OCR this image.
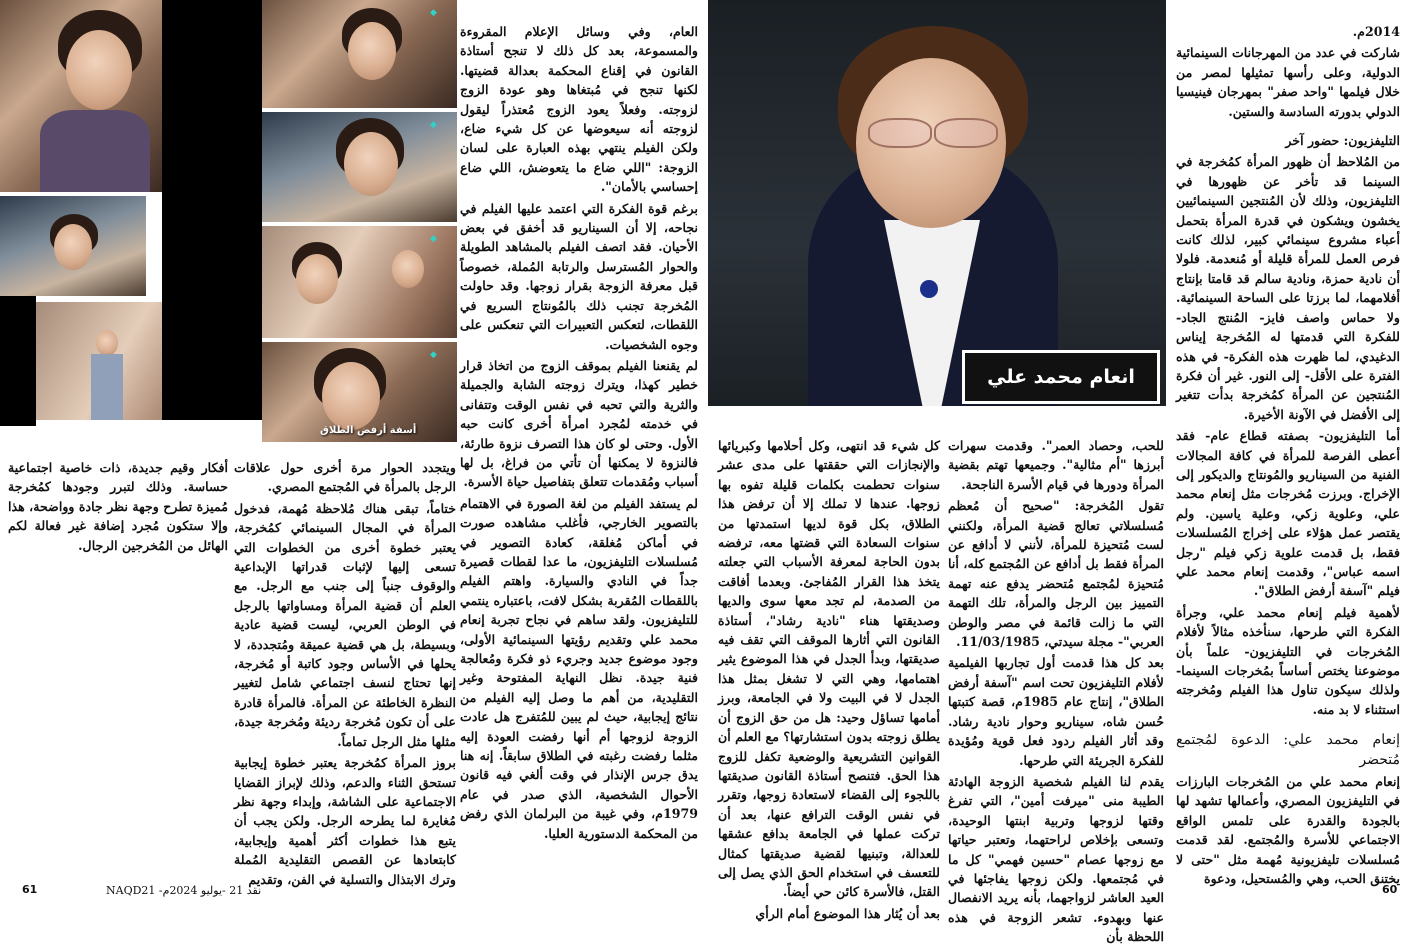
◆
◆
◆
◆
أسفة أرفض الطلاق

العام، وفي وسائل الإعلام المقروءة والمسموعة، بعد كل ذلك لا تنجح أستاذة القانون في إقناع المحكمة بعدالة قضيتها. لكنها تنجح في مُبتغاها وهو عودة الزوج لزوجته. وفعلاً يعود الزوج مُعتذراً ليقول لزوجته أنه سيعوضها عن كل شيء ضاع، ولكن الفيلم ينتهي بهذه العبارة على لسان الزوجة: "اللي ضاع ما يتعوضش، اللي ضاع إحساسي بالأمان".

برغم قوة الفكرة التي اعتمد عليها الفيلم في نجاحه، إلا أن السيناريو قد أخفق في بعض الأحيان. فقد اتصف الفيلم بالمشاهد الطويلة والحوار المُسترسل والرتابة المُملة، خصوصاً قبل معرفة الزوجة بقرار زوجها. وقد حاولت المُخرجة تجنب ذلك بالمُونتاج السريع في اللقطات، لتعكس التعبيرات التي تنعكس على وجوه الشخصيات.

لم يقنعنا الفيلم بموقف الزوج من اتخاذ قرار خطير كهذا، ويترك زوجته الشابة والجميلة والثرية والتي تحبه في نفس الوقت وتتفانى في خدمته لمُجرد امرأة أخرى كانت حبه الأول. وحتى لو كان هذا التصرف نزوة طارئة، فالنزوة لا يمكنها أن تأتي من فراغ، بل لها أسباب ومُقدمات تتعلق بتفاصيل حياة الأسرة.

لم يستفد الفيلم من لغة الصورة في الاهتمام بالتصوير الخارجي، فأغلب مشاهده صورت في أماكن مُغلقة، كعادة التصوير في مُسلسلات التليفزيون، ما عدا لقطات قصيرة جداً في النادي والسيارة. واهتم الفيلم باللقطات المُقربة بشكل لافت، باعتباره ينتمي للتليفزيون. ولقد ساهم في نجاح تجربة إنعام محمد علي وتقديم رؤيتها السينمائية الأولى، وجود موضوع جديد وجريء ذو فكرة ومُعالجة فنية جيدة. نظل النهاية المفتوحة وغير التقليدية، من أهم ما وصل إليه الفيلم من نتائج إيجابية، حيث لم يبين للمُتفرج هل عادت الزوجة لزوجها أم أنها رفضت العودة إليه مثلما رفضت رغبته في الطلاق سابقاً. إنه هنا يدق جرس الإنذار في وقت ألغي فيه قانون الأحوال الشخصية، الذي صدر في عام 1979م، وفي غيبة من البرلمان الذي رفض من المحكمة الدستورية العليا.

ويتجدد الحوار مرة أخرى حول علاقات الرجل بالمرأة في المُجتمع المصري.

ختاماً، تبقى هناك مُلاحظة مُهمة، فدخول المرأة في المجال السينمائي كمُخرجة، يعتبر خطوة أخرى من الخطوات التي تسعى إليها لإثبات قدراتها الإبداعية والوقوف جنباً إلى جنب مع الرجل. مع العلم أن قضية المرأة ومساواتها بالرجل في الوطن العربي، ليست قضية عادية وبسيطة، بل هي قضية عميقة ومُتجددة، لا يحلها في الأساس وجود كاتبة أو مُخرجة، إنها تحتاج لنسف اجتماعي شامل لتغيير النظرة الخاطئة عن المرأة. فالمرأة قادرة على أن تكون مُخرجة رديئة ومُخرجة جيدة، مثلها مثل الرجل تماماً.

بروز المرأة كمُخرجة يعتبر خطوة إيجابية تستحق الثناء والدعم، وذلك لإبراز القضايا الاجتماعية على الشاشة، وإبداء وجهة نظر مُغايرة لما يطرحه الرجل. ولكن يجب أن يتبع هذا خطوات أكثر أهمية وإيجابية، كابتعادها عن القصص التقليدية المُملة وترك الابتذال والتسلية في الفن، وتقديم

أفكار وقيم جديدة، ذات خاصية اجتماعية حساسة. وذلك لتبرر وجودها كمُخرجة مُميزة تطرح وجهة نظر جادة وواضحة، هذا وإلا ستكون مُجرد إضافة غير فعالة لكم الهائل من المُخرجين الرجال.

61	نقد 21 -يوليو 2024م- NAQD21
انعام محمد علي

2014م.

شاركت في عدد من المهرجانات السينمائية الدولية، وعلى رأسها تمثيلها لمصر من خلال فيلمها "واحد صفر" بمهرجان فينيسيا الدولي بدورته السادسة والستين.

التليفزيون: حضور آخر

من المُلاحظ أن ظهور المرأة كمُخرجة في السينما قد تأخر عن ظهورها في التليفزيون، وذلك لأن المُنتجين السينمائيين يخشون ويشكون في قدرة المرأة بتحمل أعباء مشروع سينمائي كبير، لذلك كانت فرص العمل للمرأة قليلة أو مُنعدمة. فلولا أن نادية حمزة، ونادية سالم قد قامتا بإنتاج أفلامهما، لما برزتا على الساحة السينمائية. ولا حماس واصف فايز- المُنتج الجاد- للفكرة التي قدمتها له المُخرجة إيناس الدغيدي، لما ظهرت هذه الفكرة- في هذه الفترة على الأقل- إلى النور. غير أن فكرة المُنتجين عن المرأة كمُخرجة بدأت تتغير إلى الأفضل في الآونة الأخيرة.

أما التليفزيون- بصفته قطاع عام- فقد أعطى الفرصة للمرأة في كافة المجالات الفنية من السيناريو والمُونتاج والديكور إلى الإخراج. وبرزت مُخرجات مثل إنعام محمد علي، وعلوية زكي، وعلية ياسين. ولم يقتصر عمل هؤلاء على إخراج المُسلسلات فقط، بل قدمت علوية زكي فيلم "رجل اسمه عباس"، وقدمت إنعام محمد علي فيلم "آسفة أرفض الطلاق".

لأهمية فيلم إنعام محمد علي، وجرأة الفكرة التي طرحها، سنأخذه مثالاً لأفلام المُخرجات في التليفزيون- علماً بأن موضوعنا يختص أساساً بمُخرجات السينما- ولذلك سيكون تناول هذا الفيلم ومُخرجته استثناء لا بد منه.

إنعام محمد علي: الدعوة لمُجتمع مُتحضر

إنعام محمد علي من المُخرجات البارزات في التليفزيون المصري، وأعمالها تشهد لها بالجودة والقدرة على تلمس الواقع الاجتماعي للأسرة والمُجتمع. لقد قدمت مُسلسلات تليفزيونية مُهمة مثل "حتى لا يختنق الحب، وهي والمُستحيل، ودعوة

للحب، وحصاد العمر". وقدمت سهرات أبرزها "أم مثالية". وجميعها تهتم بقضية المرأة ودورها في قيام الأسرة الناجحة.

تقول المُخرجة: "صحيح أن مُعظم مُسلسلاتي تعالج قضية المرأة، ولكنني لست مُتحيزة للمرأة، لأنني لا أدافع عن المرأة فقط بل أدافع عن المُجتمع كله، أنا مُتحيزة لمُجتمع مُتحضر يدفع عنه تهمة التمييز بين الرجل والمرأة، تلك التهمة التي ما زالت قائمة في مصر والوطن العربي"- مجلة سيدتي، 11/03/1985.

بعد كل هذا قدمت أول تجاربها الفيلمية لأفلام التليفزيون تحت اسم "آسفة أرفض الطلاق"، إنتاج عام 1985م، قصة كتبتها حُسن شاه، سيناريو وحوار نادية رشاد. وقد أثار الفيلم ردود فعل قوية ومُؤيدة للفكرة الجريئة التي طرحها.

يقدم لنا الفيلم شخصية الزوجة الهادئة الطيبة منى "ميرفت أمين"، التي تفرغ وقتها لزوجها وتربية ابنتها الوحيدة، وتسعى بإخلاص لراحتهما، وتعتبر حياتها مع زوجها عصام "حسين فهمي" كل ما في مُجتمعها. ولكن زوجها يفاجئها في العيد العاشر لزواجهما، بأنه يريد الانفصال عنها وبهدوء. تشعر الزوجة في هذه اللحظة بأن

كل شيء قد انتهى، وكل أحلامها وكبريائها والإنجازات التي حققتها على مدى عشر سنوات تحطمت بكلمات قليلة تفوه بها زوجها. عندها لا تملك إلا أن ترفض هذا الطلاق، بكل قوة لديها استمدتها من سنوات السعادة التي قضتها معه، ترفضه بدون الحاجة لمعرفة الأسباب التي جعلته يتخذ هذا القرار المُفاجئ. وبعدما أفاقت من الصدمة، لم تجد معها سوى والديها وصديقتها هناء "نادية رشاد"، أستاذة القانون التي أثارها الموقف التي تقف فيه صديقتها، وبدأ الجدل في هذا الموضوع يثير اهتمامها، وهي التي لا تشغل بمثل هذا الجدل لا في البيت ولا في الجامعة، وبرز أمامها تساؤل وحيد: هل من حق الزوج أن يطلق زوجته بدون استشارتها؟ مع العلم أن القوانين التشريعية والوضعية تكفل للزوج هذا الحق. فتنصح أستاذة القانون صديقتها باللجوء إلى القضاء لاستعادة زوجها، وتقرر في نفس الوقت الترافع عنها، بعد أن تركت عملها في الجامعة بدافع عشقها للعدالة، وتبنيها لقضية صديقتها كمثال للتعسف في استخدام الحق الذي يصل إلى القتل، فالأسرة كائن حي أيضاً.

بعد أن يُثار هذا الموضوع أمام الرأي

60
